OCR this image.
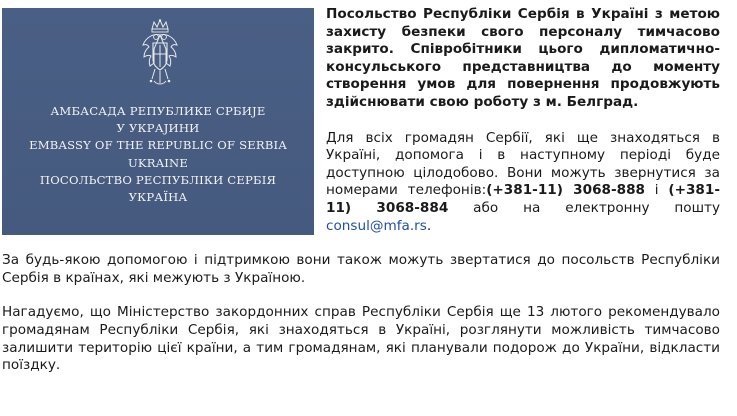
АМБАСАДА РЕПУБЛИКЕ СРБИЈЕ
У УКРАЈИНИ
EMBASSY OF THE REPUBLIC OF SERBIA
UKRAINE
ПОСОЛЬСТВО РЕСПУБЛІКИ СЕРБІЯ
УКРАЇНА

Посольство Республіки Сербія в Україні з метою захисту безпеки свого персоналу тимчасово закрито. Співробітники цього дипломатично-консульського представництва до моменту створення умов для повернення продовжують здійснювати свою роботу з м. Белград.

Для всіх громадян Сербії, які ще знаходяться в Україні, допомога і в наступному періоді буде доступною цілодобово. Вони можуть звернутися за номерами телефонів:(+381-11) 3068-888 і (+381-11) 3068-884 або на електронну пошту consul@mfa.rs.

За будь-якою допомогою і підтримкою вони також можуть звертатися до посольств Республіки Сербія в країнах, які межують з Україною.

Нагадуємо, що Міністерство закордонних справ Республіки Сербія ще 13 лютого рекомендувало громадянам Республіки Сербія, які знаходяться в Україні, розглянути можливість тимчасово залишити територію цієї країни, а тим громадянам, які планували подорож до України, відкласти поїздку.
